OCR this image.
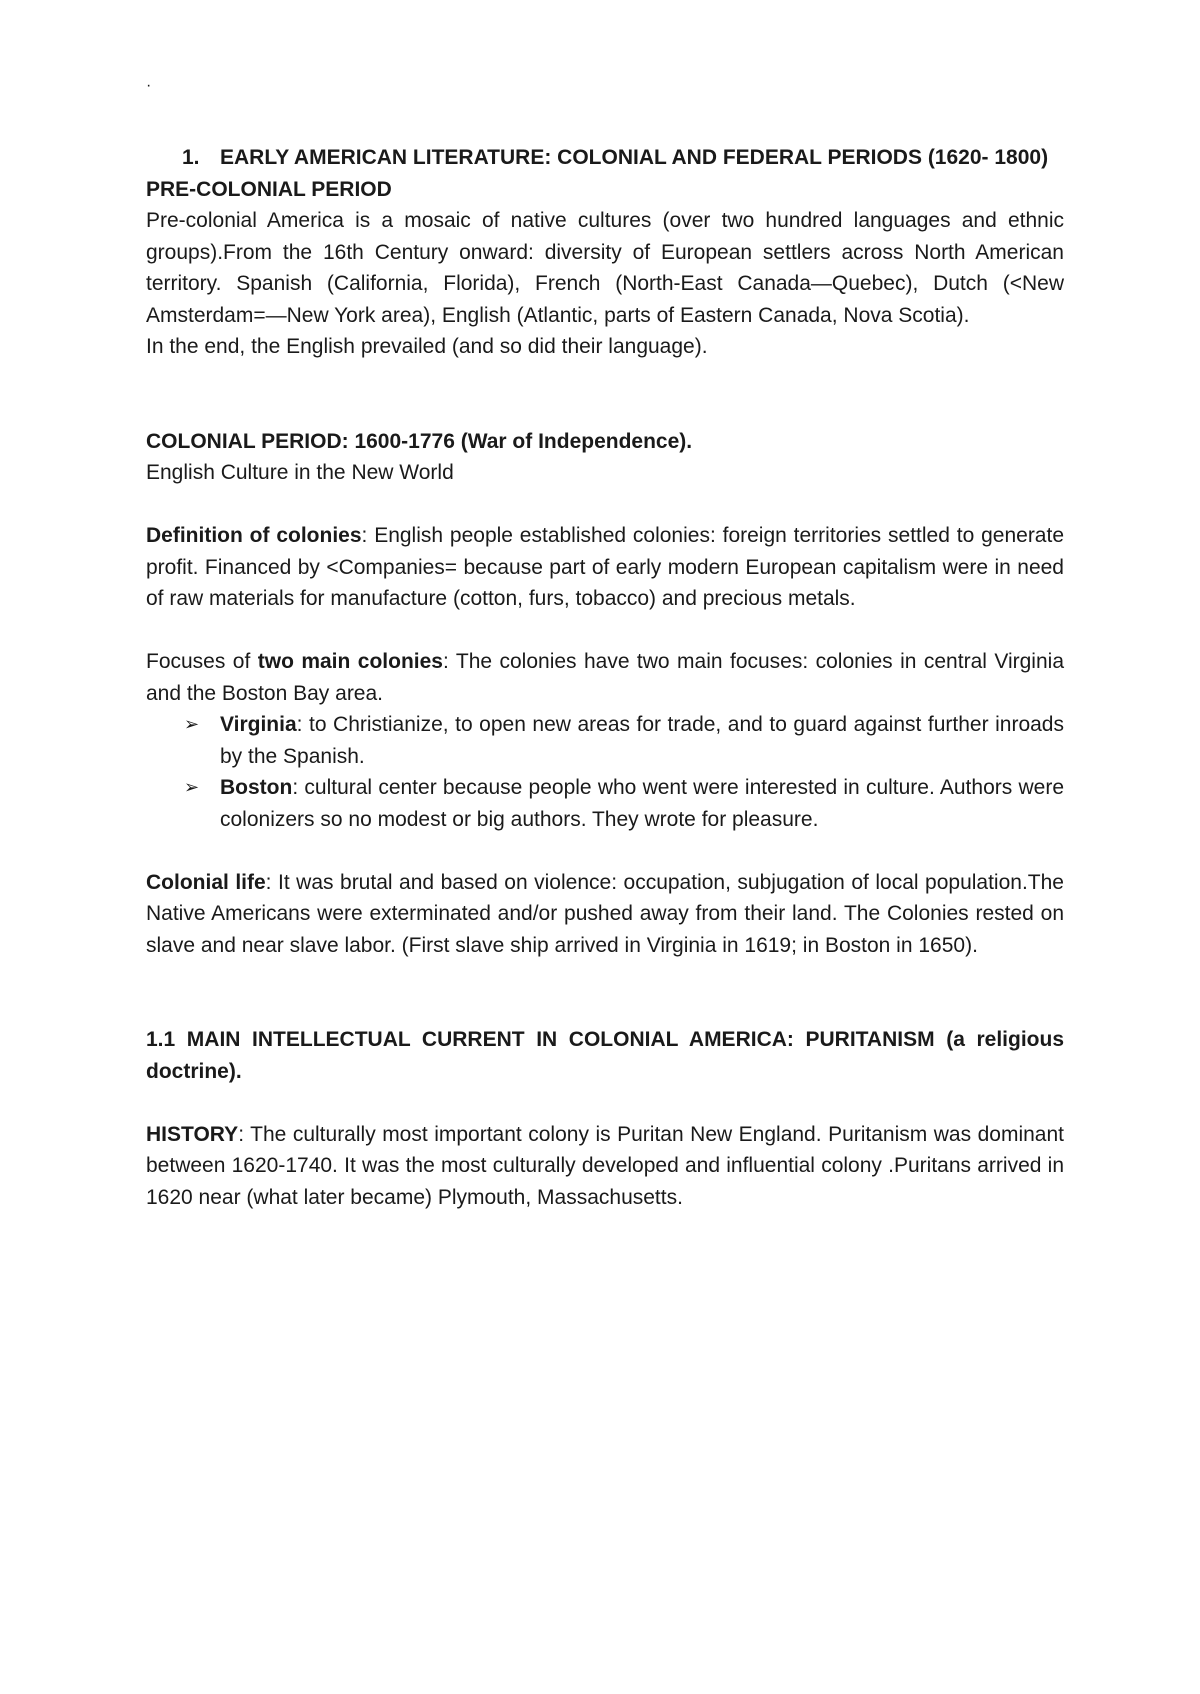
·
1. EARLY AMERICAN LITERATURE: COLONIAL AND FEDERAL PERIODS (1620- 1800)

PRE-COLONIAL PERIOD

Pre-colonial America is a mosaic of native cultures (over two hundred languages and ethnic groups).From the 16th Century onward: diversity of European settlers across North American territory. Spanish (California, Florida), French (North-East Canada—Quebec), Dutch (<New Amsterdam=—New York area), English (Atlantic, parts of Eastern Canada, Nova Scotia).

In the end, the English prevailed (and so did their language).

COLONIAL PERIOD: 1600-1776 (War of Independence).

English Culture in the New World

Definition of colonies: English people established colonies: foreign territories settled to generate profit. Financed by <Companies= because part of early modern European capitalism were in need of raw materials for manufacture (cotton, furs, tobacco) and precious metals.

Focuses of two main colonies: The colonies have two main focuses: colonies in central Virginia and the Boston Bay area.

➢ Virginia: to Christianize, to open new areas for trade, and to guard against further inroads by the Spanish.
➢ Boston: cultural center because people who went were interested in culture. Authors were colonizers so no modest or big authors. They wrote for pleasure.

Colonial life: It was brutal and based on violence: occupation, subjugation of local population.The Native Americans were exterminated and/or pushed away from their land. The Colonies rested on slave and near slave labor. (First slave ship arrived in Virginia in 1619; in Boston in 1650).

1.1 MAIN INTELLECTUAL CURRENT IN COLONIAL AMERICA: PURITANISM (a religious doctrine).

HISTORY: The culturally most important colony is Puritan New England. Puritanism was dominant between 1620-1740. It was the most culturally developed and influential colony .Puritans arrived in 1620 near (what later became) Plymouth, Massachusetts.
